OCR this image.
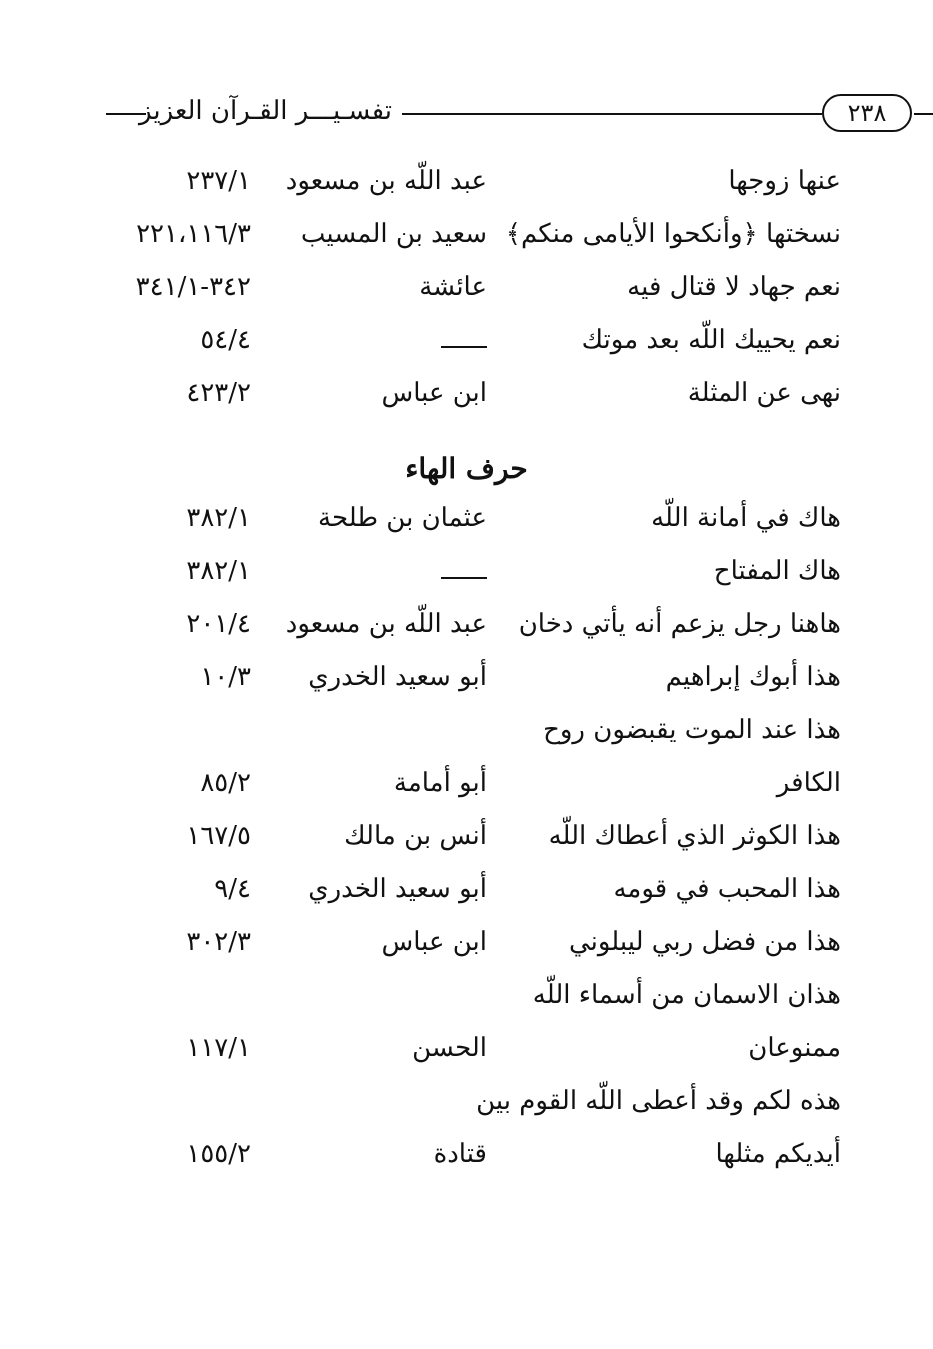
تفسـيـــر القـرآن العزيز	٢٣٨
عنها زوجها
عبد اللّه بن مسعود
٢٣٧/١
نسختها ﴿وأنكحوا الأيامى منكم﴾
سعيد بن المسيب
٢٢١،١١٦/٣
نعم جهاد لا قتال فيه
عائشة
٣٤٢-٣٤١/١
نعم يحييك اللّه بعد موتك
٥٤/٤
نهى عن المثلة
ابن عباس
٤٢٣/٢
حرف الهاء
هاك في أمانة اللّه
عثمان بن طلحة
٣٨٢/١
هاك المفتاح
٣٨٢/١
هاهنا رجل يزعم أنه يأتي دخان
عبد اللّه بن مسعود
٢٠١/٤
هذا أبوك إبراهيم
أبو سعيد الخدري
١٠/٣
هذا عند الموت يقبضون روح
الكافر
أبو أمامة
٨٥/٢
هذا الكوثر الذي أعطاك اللّه
أنس بن مالك
١٦٧/٥
هذا المحبب في قومه
أبو سعيد الخدري
٩/٤
هذا من فضل ربي ليبلوني
ابن عباس
٣٠٢/٣
هذان الاسمان من أسماء اللّه
ممنوعان
الحسن
١١٧/١
هذه لكم وقد أعطى اللّه القوم بين
أيديكم مثلها
قتادة
١٥٥/٢
